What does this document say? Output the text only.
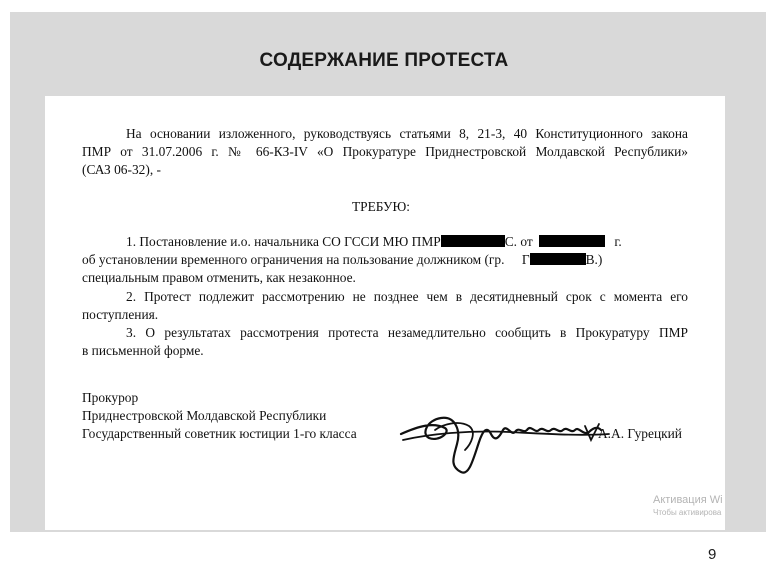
СОДЕРЖАНИЕ ПРОТЕСТА

На основании изложенного, руководствуясь статьями 8, 21-3, 40 Конституционного закона

ПМР от 31.07.2006 г. № 66-КЗ-IV «О Прокуратуре Приднестровской Молдавской Республики»

(САЗ 06-32), -

ТРЕБУЮ:

1. Постановление и.о. начальника СО ГССИ МЮ ПМР	С. от	г.

об установлении временного ограничения на пользование должником (гр. Г	В.)

специальным правом отменить, как незаконное.

2. Протест подлежит рассмотрению не позднее чем в десятидневный срок с момента его

поступления.

3. О результатах рассмотрения протеста незамедлительно сообщить в Прокуратуру ПМР

в письменной форме.

Прокурор
Приднестровской Молдавской Республики
Государственный советник юстиции 1-го класса	А.А. Гурецкий
Активация Wi
Чтобы активирова
9
